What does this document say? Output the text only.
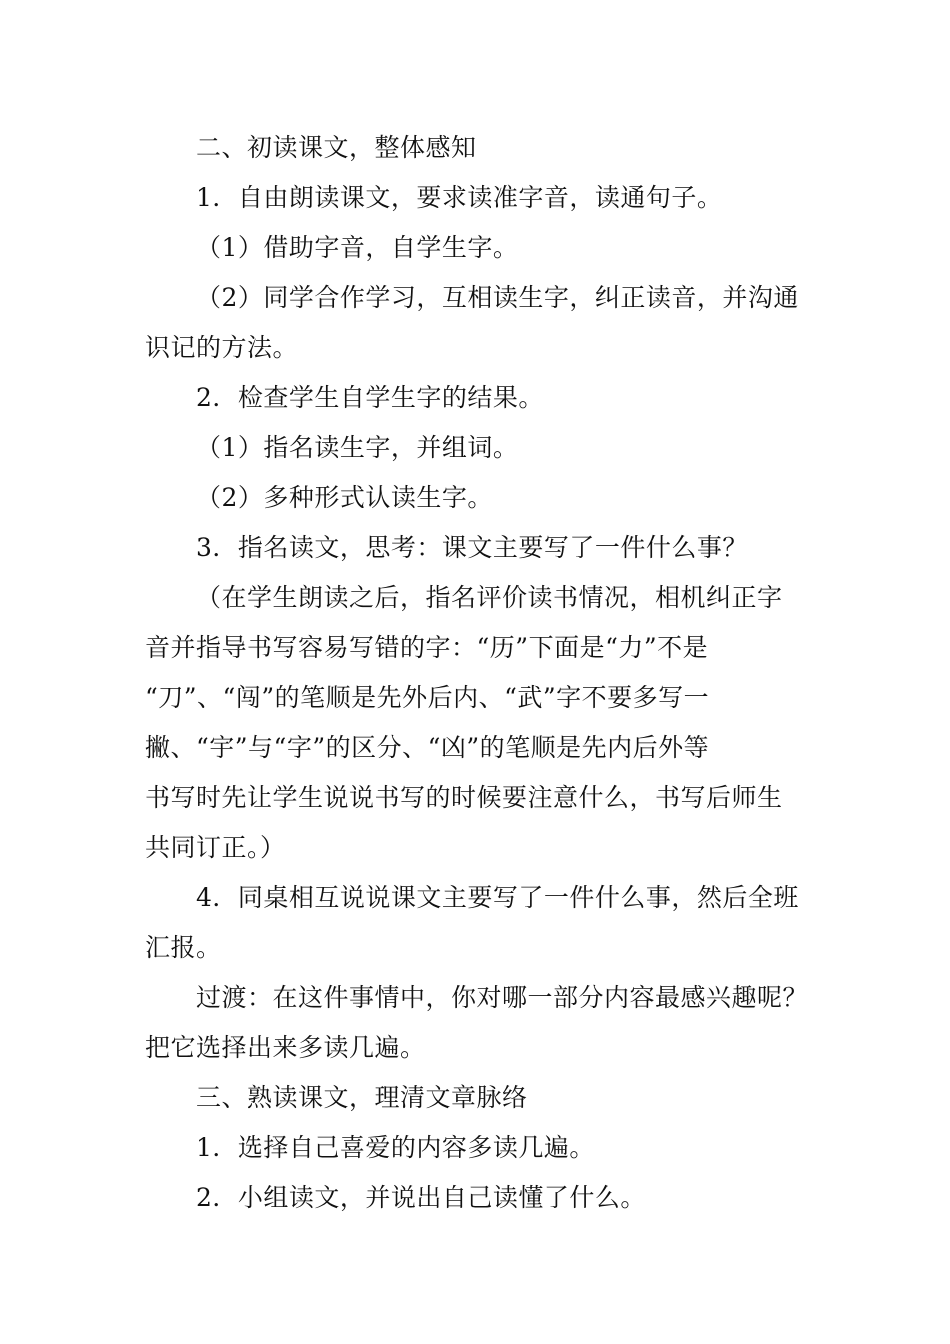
二、初读课文，整体感知
1．自由朗读课文，要求读准字音，读通句子。
（1）借助字音，自学生字。
（2）同学合作学习，互相读生字，纠正读音，并沟通
识记的方法。
2．检查学生自学生字的结果。
（1）指名读生字，并组词。
（2）多种形式认读生字。
3．指名读文，思考：课文主要写了一件什么事？
（在学生朗读之后，指名评价读书情况，相机纠正字
音并指导书写容易写错的字：“历”下面是“力”不是
“刀”、“闯”的笔顺是先外后内、“武”字不要多写一
撇、“宇”与“字”的区分、“凶”的笔顺是先内后外等
书写时先让学生说说书写的时候要注意什么，书写后师生
共同订正。）
4．同桌相互说说课文主要写了一件什么事，然后全班
汇报。
过渡：在这件事情中，你对哪一部分内容最感兴趣呢？
把它选择出来多读几遍。
三、熟读课文，理清文章脉络
1．选择自己喜爱的内容多读几遍。
2．小组读文，并说出自己读懂了什么。
